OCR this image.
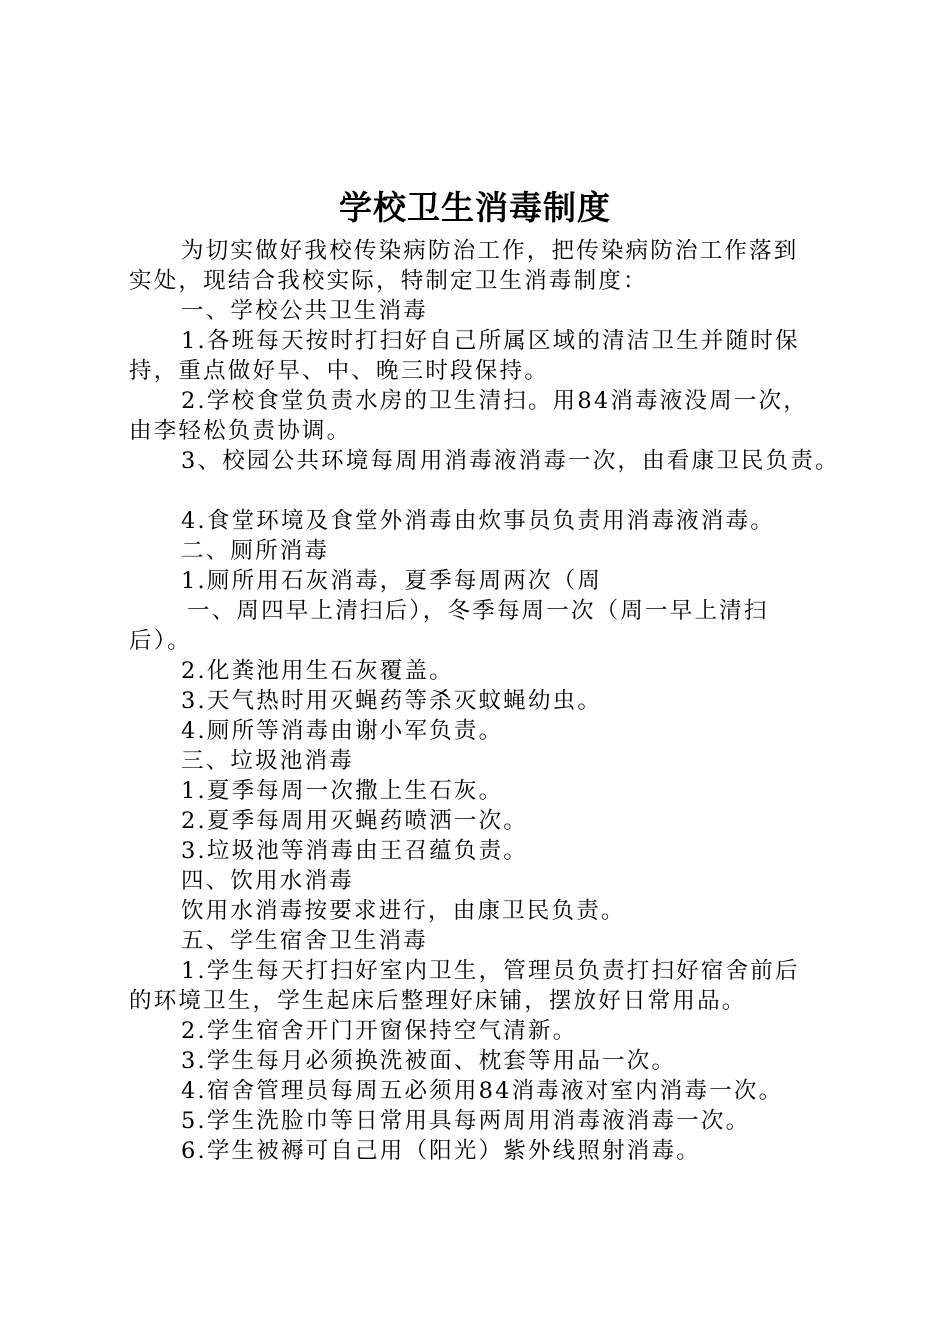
学校卫生消毒制度
为切实做好我校传染病防治工作，把传染病防治工作落到
实处，现结合我校实际，特制定卫生消毒制度：
一、学校公共卫生消毒
1.各班每天按时打扫好自己所属区域的清洁卫生并随时保
持，重点做好早、中、晚三时段保持。
2.学校食堂负责水房的卫生清扫。用84消毒液没周一次，
由李轻松负责协调。
3、校园公共环境每周用消毒液消毒一次，由看康卫民负责。
4.食堂环境及食堂外消毒由炊事员负责用消毒液消毒。
二、厕所消毒
1.厕所用石灰消毒，夏季每周两次（周
一、周四早上清扫后），冬季每周一次（周一早上清扫
后）。
2.化粪池用生石灰覆盖。
3.天气热时用灭蝇药等杀灭蚊蝇幼虫。
4.厕所等消毒由谢小军负责。
三、垃圾池消毒
1.夏季每周一次撒上生石灰。
2.夏季每周用灭蝇药喷洒一次。
3.垃圾池等消毒由王召蕴负责。
四、饮用水消毒
饮用水消毒按要求进行，由康卫民负责。
五、学生宿舍卫生消毒
1.学生每天打扫好室内卫生，管理员负责打扫好宿舍前后
的环境卫生，学生起床后整理好床铺，摆放好日常用品。
2.学生宿舍开门开窗保持空气清新。
3.学生每月必须换洗被面、枕套等用品一次。
4.宿舍管理员每周五必须用84消毒液对室内消毒一次。
5.学生洗脸巾等日常用具每两周用消毒液消毒一次。
6.学生被褥可自己用（阳光）紫外线照射消毒。
